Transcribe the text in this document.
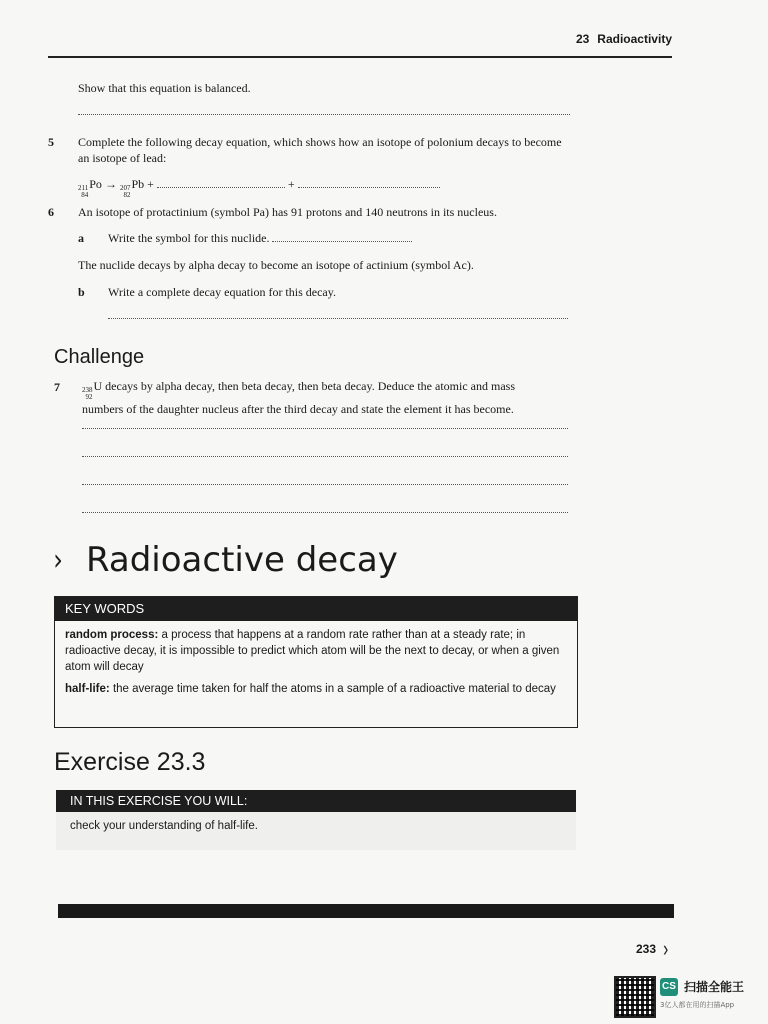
23 Radioactivity
Show that this equation is balanced.
5 Complete the following decay equation, which shows how an isotope of polonium decays to become an isotope of lead:
211
84
Po → 207
82
Pb +	+
6 An isotope of protactinium (symbol Pa) has 91 protons and 140 neutrons in its nucleus.
a Write the symbol for this nuclide.
The nuclide decays by alpha decay to become an isotope of actinium (symbol Ac).
b Write a complete decay equation for this decay.
Challenge
7	238
92
U decays by alpha decay, then beta decay, then beta decay. Deduce the atomic and mass numbers of the daughter nucleus after the third decay and state the element it has become.
› Radioactive decay
KEY WORDS

random process: a process that happens at a random rate rather than at a steady rate; in radioactive decay, it is impossible to predict which atom will be the next to decay, or when a given atom will decay

half-life: the average time taken for half the atoms in a sample of a radioactive material to decay

Exercise 23.3
IN THIS EXERCISE YOU WILL:
check your understanding of half-life.
233 ›
CS 扫描全能王
3亿人都在用的扫描App
